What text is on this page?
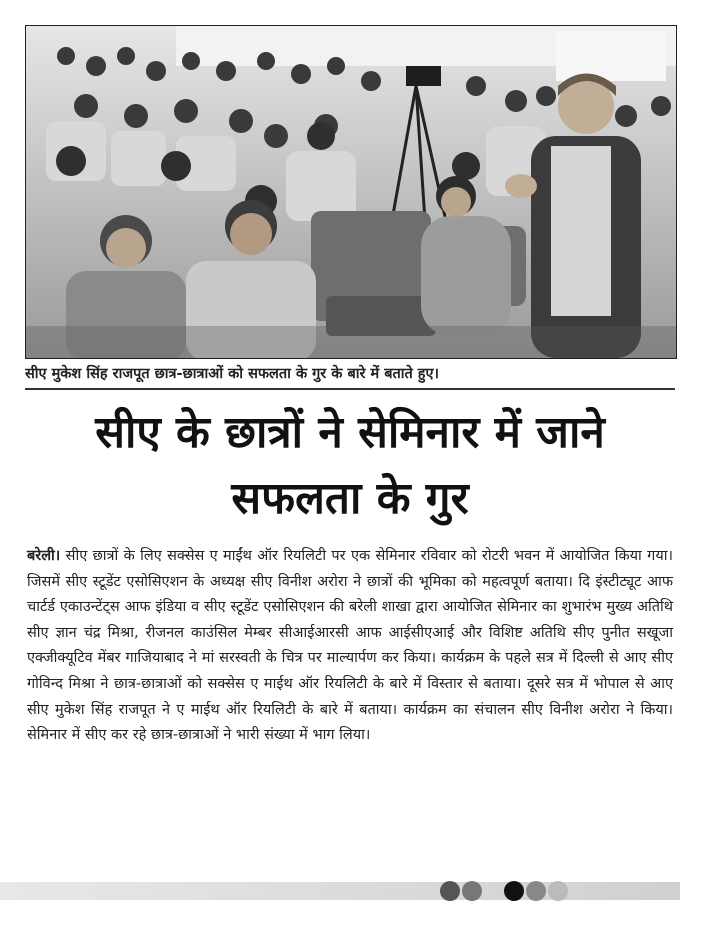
सीए मुकेश सिंह राजपूत छात्र-छात्राओं को सफलता के गुर के बारे में बताते हुए।
सीए के छात्रों ने सेमिनार में जाने
सफलता के गुर
बरेली। सीए छात्रों के लिए सक्सेस ए माईंथ ऑर रियलिटी पर एक सेमिनार रविवार को रोटरी भवन में आयोजित किया गया। जिसमें सीए स्टूडेंट एसोसिएशन के अध्यक्ष सीए विनीश अरोरा ने छात्रों की भूमिका को महत्वपूर्ण बताया। दि इंस्टीट्यूट आफ चार्टर्ड एकाउन्टेंट्स आफ इंडिया व सीए स्टूडेंट एसोसिएशन की बरेली शाखा द्वारा आयोजित सेमिनार का शुभारंभ मुख्य अतिथि सीए ज्ञान चंद्र मिश्रा, रीजनल काउंसिल मेम्बर सीआईआरसी आफ आईसीएआई और विशिष्ट अतिथि सीए पुनीत सखूजा एक्जीक्यूटिव मेंबर गाजियाबाद ने मां सरस्वती के चित्र पर माल्यार्पण कर किया। कार्यक्रम के पहले सत्र में दिल्ली से आए सीए गोविन्द मिश्रा ने छात्र-छात्राओं को सक्सेस ए माईथ ऑर रियलिटी के बारे में विस्तार से बताया। दूसरे सत्र में भोपाल से आए सीए मुकेश सिंह राजपूत ने ए माईथ ऑर रियलिटी के बारे में बताया। कार्यक्रम का संचालन सीए विनीश अरोरा ने किया। सेमिनार में सीए कर रहे छात्र-छात्राओं ने भारी संख्या में भाग लिया।
